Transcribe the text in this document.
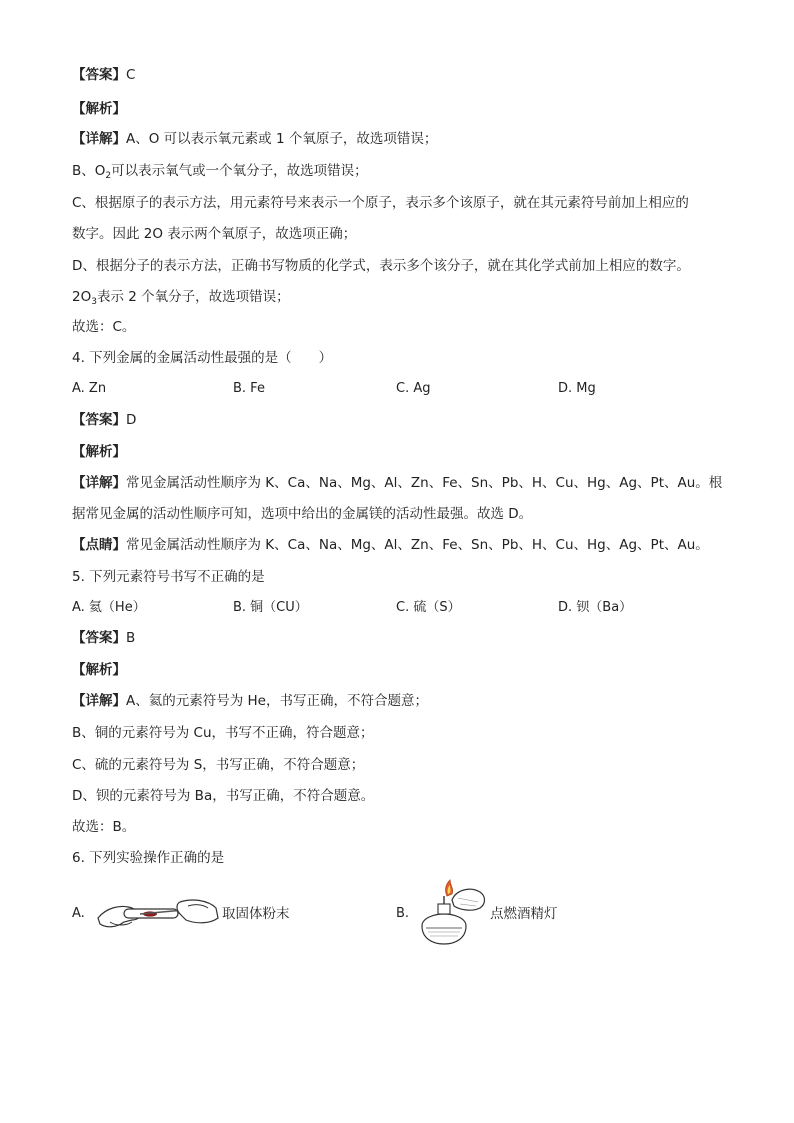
【答案】C
【解析】
【详解】A、O 可以表示氧元素或 1 个氧原子，故选项错误；
B、$O_2$可以表示氧气或一个氧分子，故选项错误；
C、根据原子的表示方法，用元素符号来表示一个原子，表示多个该原子，就在其元素符号前加上相应的
数字。因此 2O 表示两个氧原子，故选项正确；
D、根据分子的表示方法，正确书写物质的化学式，表示多个该分子，就在其化学式前加上相应的数字。
$2O_3$表示 2 个氧分子，故选项错误；
故选：C。
4. 下列金属的金属活动性最强的是（　　）
A. Zn	B. Fe	C. Ag	D. Mg
【答案】D
【解析】
【详解】常见金属活动性顺序为 K、Ca、Na、Mg、Al、Zn、Fe、Sn、Pb、H、Cu、Hg、Ag、Pt、Au。根
据常见金属的活动性顺序可知，选项中给出的金属镁的活动性最强。故选 D。
【点睛】常见金属活动性顺序为 K、Ca、Na、Mg、Al、Zn、Fe、Sn、Pb、H、Cu、Hg、Ag、Pt、Au。
5. 下列元素符号书写不正确的是
A. 氦（He）	B. 铜（CU）	C. 硫（S）	D. 钡（Ba）
【答案】B
【解析】
【详解】A、氦的元素符号为 He，书写正确，不符合题意；
B、铜的元素符号为 Cu，书写不正确，符合题意；
C、硫的元素符号为 S，书写正确，不符合题意；
D、钡的元素符号为 Ba，书写正确，不符合题意。
故选：B。
6. 下列实验操作正确的是
A.	取固体粉末	B.	点燃酒精灯
